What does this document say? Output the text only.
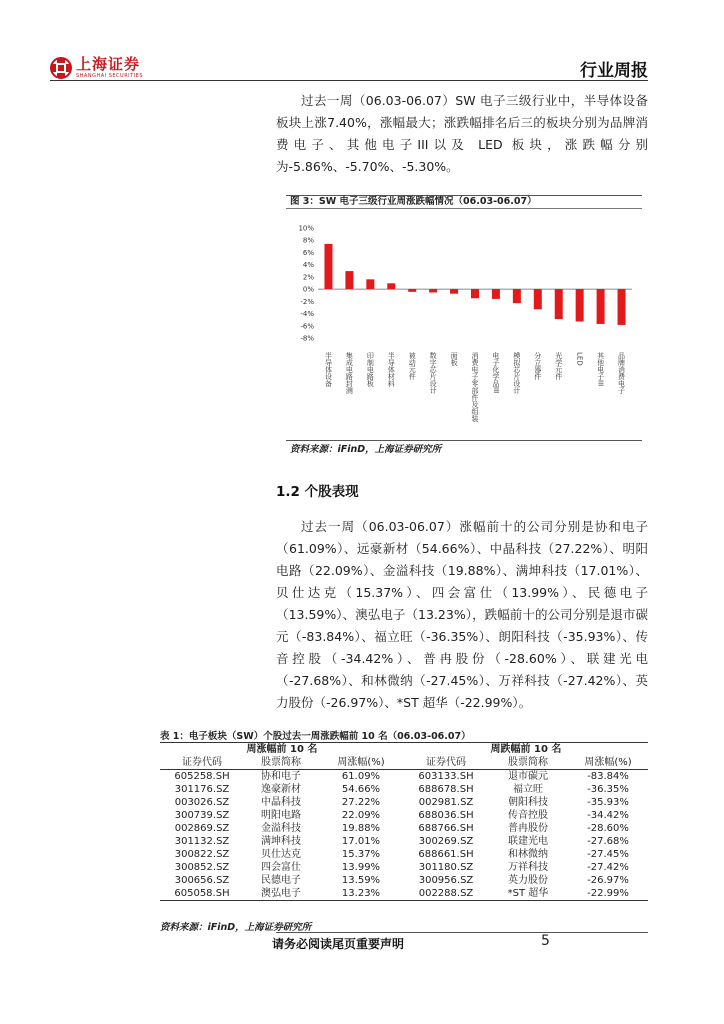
上海证券
SHANGHAI SECURITIES	行业周报

过去一周（06.03-06.07）SW 电子三级行业中，半导体设备板块上涨7.40%，涨幅最大；涨跌幅排名后三的板块分别为品牌消费电子、其他电子III以及 LED 板块，涨跌幅分别为-5.86%、-5.70%、-5.30%。

图 3：SW 电子三级行业周涨跌幅情况（06.03-06.07）
10%
8%
6%
4%
2%
0%
-2%
-4%
-6%
-8%
半导体设备 集成电路封测 印制电路板 半导体材料 被动元件 数字芯片设计 面板 消费电子零部件及组装 电子化学品III 模拟芯片设计 分立器件 光学元件 LED 其他电子III 品牌消费电子
资料来源：iFinD，上海证券研究所
1.2 个股表现

过去一周（06.03-06.07）涨幅前十的公司分别是协和电子（61.09%）、远豪新材（54.66%）、中晶科技（27.22%）、明阳电路（22.09%）、金溢科技（19.88%）、满坤科技（17.01%）、贝仕达克（15.37%）、四会富仕（13.99%）、民德电子（13.59%）、澳弘电子（13.23%），跌幅前十的公司分别是退市碳元（-83.84%）、福立旺（-36.35%）、朗阳科技（-35.93%）、传音控股（-34.42%）、普冉股份（-28.60%）、联建光电（-27.68%）、和林微纳（-27.45%）、万祥科技（-27.42%）、英力股份（-26.97%）、*ST 超华（-22.99%）。

表 1：电子板块（SW）个股过去一周涨跌幅前 10 名（06.03-06.07）
周涨幅前 10 名			周跌幅前 10 名		
证券代码	股票简称	周涨幅(%)	证券代码	股票简称	周涨幅(%)
605258.SH	协和电子	61.09%	603133.SH	退市碳元	-83.84%
301176.SZ	逸豪新材	54.66%	688678.SH	福立旺	-36.35%
003026.SZ	中晶科技	27.22%	002981.SZ	朝阳科技	-35.93%
300739.SZ	明阳电路	22.09%	688036.SH	传音控股	-34.42%
002869.SZ	金溢科技	19.88%	688766.SH	普冉股份	-28.60%
301132.SZ	满坤科技	17.01%	300269.SZ	联建光电	-27.68%
300822.SZ	贝仕达克	15.37%	688661.SH	和林微纳	-27.45%
300852.SZ	四会富仕	13.99%	301180.SZ	万祥科技	-27.42%
300656.SZ	民德电子	13.59%	300956.SZ	英力股份	-26.97%
605058.SH	澳弘电子	13.23%	002288.SZ	*ST 超华	-22.99%
资料来源：iFinD，上海证券研究所
请务必阅读尾页重要声明	5
